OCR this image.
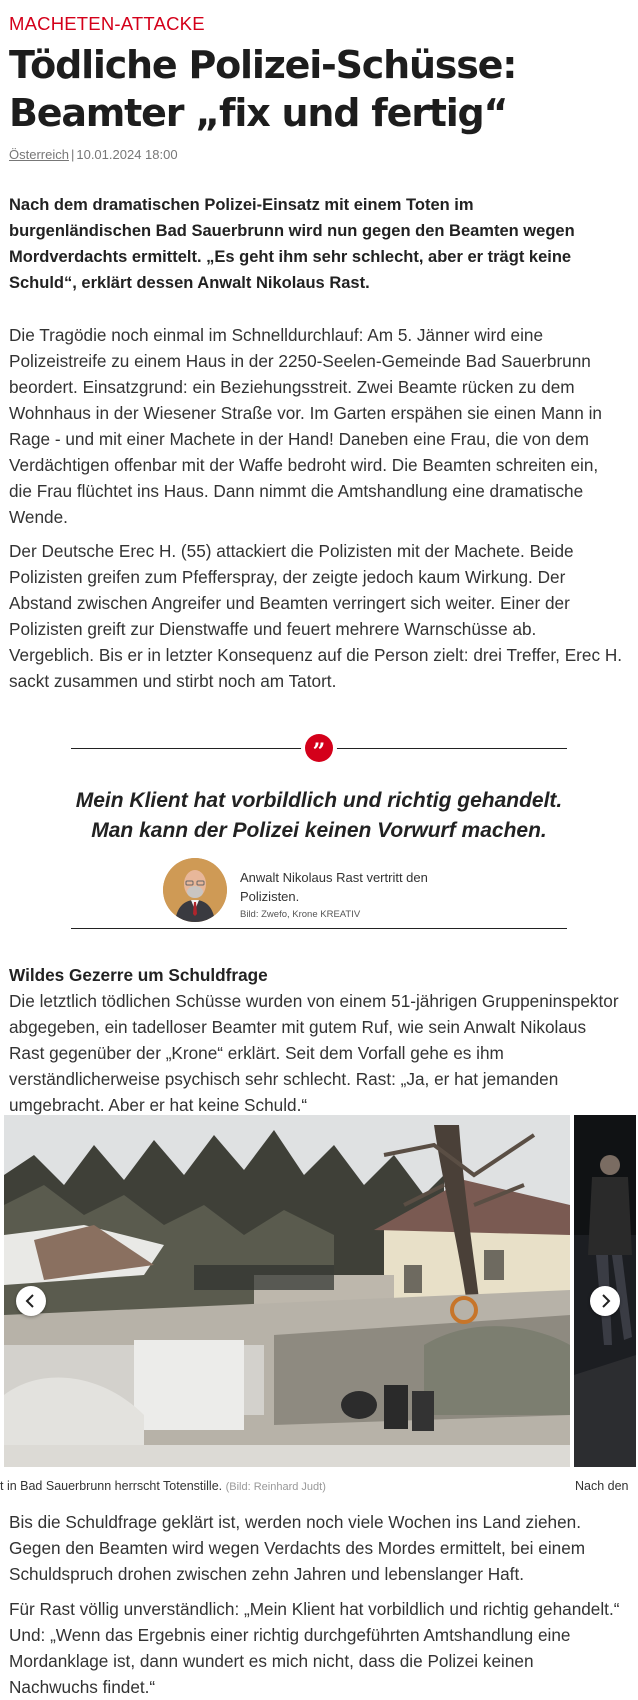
MACHETEN-ATTACKE
Tödliche Polizei-Schüsse: Beamter „fix und fertig“
Österreich | 10.01.2024 18:00
Nach dem dramatischen Polizei-Einsatz mit einem Toten im burgenländischen Bad Sauerbrunn wird nun gegen den Beamten wegen Mordverdachts ermittelt. „Es geht ihm sehr schlecht, aber er trägt keine Schuld“, erklärt dessen Anwalt Nikolaus Rast.

Die Tragödie noch einmal im Schnelldurchlauf: Am 5. Jänner wird eine Polizeistreife zu einem Haus in der 2250-Seelen-Gemeinde Bad Sauerbrunn beordert. Einsatzgrund: ein Beziehungsstreit. Zwei Beamte rücken zu dem Wohnhaus in der Wiesener Straße vor. Im Garten erspähen sie einen Mann in Rage - und mit einer Machete in der Hand! Daneben eine Frau, die von dem Verdächtigen offenbar mit der Waffe bedroht wird. Die Beamten schreiten ein, die Frau flüchtet ins Haus. Dann nimmt die Amtshandlung eine dramatische Wende.

Der Deutsche Erec H. (55) attackiert die Polizisten mit der Machete. Beide Polizisten greifen zum Pfefferspray, der zeigte jedoch kaum Wirkung. Der Abstand zwischen Angreifer und Beamten verringert sich weiter. Einer der Polizisten greift zur Dienstwaffe und feuert mehrere Warnschüsse ab. Vergeblich. Bis er in letzter Konsequenz auf die Person zielt: drei Treffer, Erec H. sackt zusammen und stirbt noch am Tatort.

”
Mein Klient hat vorbildlich und richtig gehandelt.
Man kann der Polizei keinen Vorwurf machen.
Anwalt Nikolaus Rast vertritt den Polizisten.
Bild: Zwefo, Krone KREATIV
Wildes Gezerre um Schuldfrage

Die letztlich tödlichen Schüsse wurden von einem 51-jährigen Gruppeninspektor abgegeben, ein tadelloser Beamter mit gutem Ruf, wie sein Anwalt Nikolaus Rast gegenüber der „Krone“ erklärt. Seit dem Vorfall gehe es ihm verständlicherweise psychisch sehr schlecht. Rast: „Ja, er hat jemanden umgebracht. Aber er hat keine Schuld.“

t in Bad Sauerbrunn herrscht Totenstille. (Bild: Reinhard Judt)	Nach den

Bis die Schuldfrage geklärt ist, werden noch viele Wochen ins Land ziehen. Gegen den Beamten wird wegen Verdachts des Mordes ermittelt, bei einem Schuldspruch drohen zwischen zehn Jahren und lebenslanger Haft.

Für Rast völlig unverständlich: „Mein Klient hat vorbildlich und richtig gehandelt.“ Und: „Wenn das Ergebnis einer richtig durchgeführten Amtshandlung eine Mordanklage ist, dann wundert es mich nicht, dass die Polizei keinen Nachwuchs findet.“
